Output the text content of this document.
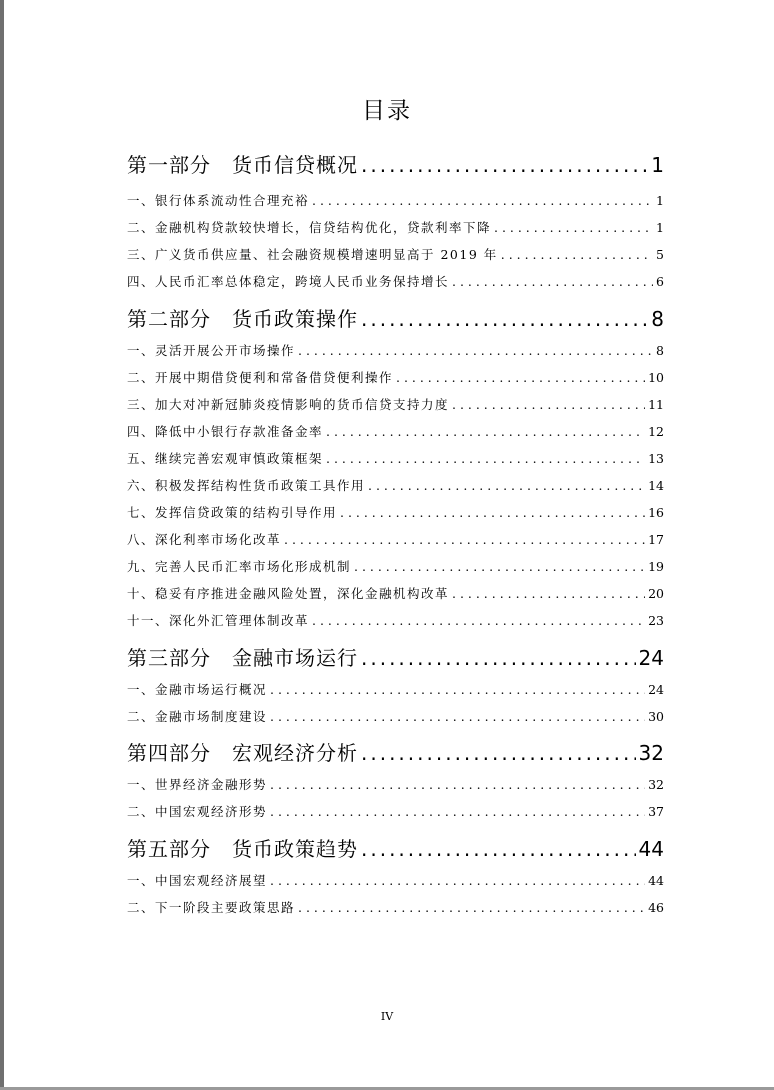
目录
第一部分　货币信贷概况 .....	1
一、银行体系流动性合理充裕 . . .	1
二、金融机构贷款较快增长，信贷结构优化，贷款利率下降 . . .	1
三、广义货币供应量、社会融资规模增速明显高于 2019 年 . . .	5
四、人民币汇率总体稳定，跨境人民币业务保持增长 . . .	6
第二部分　货币政策操作 .....	8
一、灵活开展公开市场操作 . . .	8
二、开展中期借贷便利和常备借贷便利操作 . . .	10
三、加大对冲新冠肺炎疫情影响的货币信贷支持力度 . . .	11
四、降低中小银行存款准备金率 . . .	12
五、继续完善宏观审慎政策框架 . . .	13
六、积极发挥结构性货币政策工具作用 . . .	14
七、发挥信贷政策的结构引导作用 . . .	16
八、深化利率市场化改革 . . .	17
九、完善人民币汇率市场化形成机制 . . .	19
十、稳妥有序推进金融风险处置，深化金融机构改革 . . .	20
十一、深化外汇管理体制改革 . . .	23
第三部分　金融市场运行 .....	24
一、金融市场运行概况 . . .	24
二、金融市场制度建设 . . .	30
第四部分　宏观经济分析 .....	32
一、世界经济金融形势 . . .	32
二、中国宏观经济形势 . . .	37
第五部分　货币政策趋势 .....	44
一、中国宏观经济展望 . . .	44
二、下一阶段主要政策思路 . . .	46
IV
